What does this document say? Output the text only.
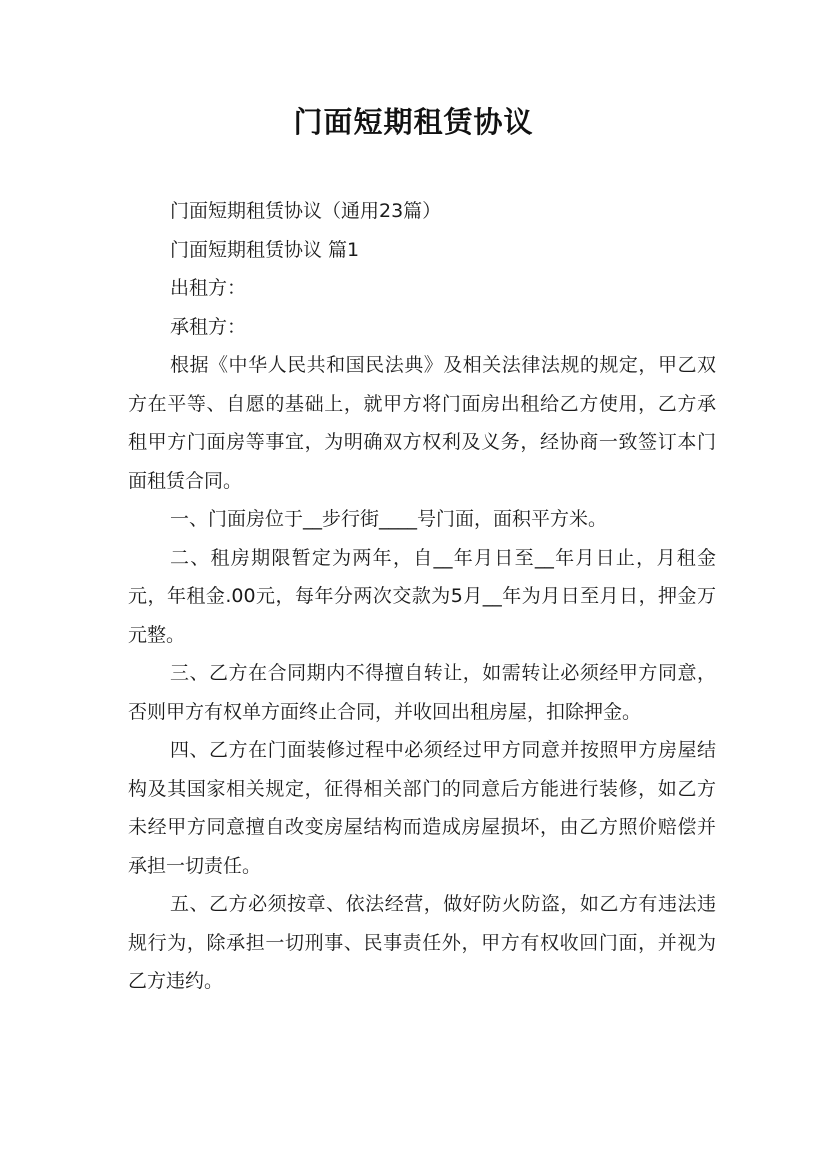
门面短期租赁协议

门面短期租赁协议（通用23篇）

门面短期租赁协议 篇1

出租方：

承租方：

根据《中华人民共和国民法典》及相关法律法规的规定，甲乙双方在平等、自愿的基础上，就甲方将门面房出租给乙方使用，乙方承租甲方门面房等事宜，为明确双方权利及义务，经协商一致签订本门面租赁合同。

一、门面房位于__步行街____号门面，面积平方米。

二、租房期限暂定为两年，自__年月日至__年月日止，月租金元，年租金.00元，每年分两次交款为5月__年为月日至月日，押金万元整。

三、乙方在合同期内不得擅自转让，如需转让必须经甲方同意，否则甲方有权单方面终止合同，并收回出租房屋，扣除押金。

四、乙方在门面装修过程中必须经过甲方同意并按照甲方房屋结构及其国家相关规定，征得相关部门的同意后方能进行装修，如乙方未经甲方同意擅自改变房屋结构而造成房屋损坏，由乙方照价赔偿并承担一切责任。

五、乙方必须按章、依法经营，做好防火防盗，如乙方有违法违规行为，除承担一切刑事、民事责任外，甲方有权收回门面，并视为乙方违约。
